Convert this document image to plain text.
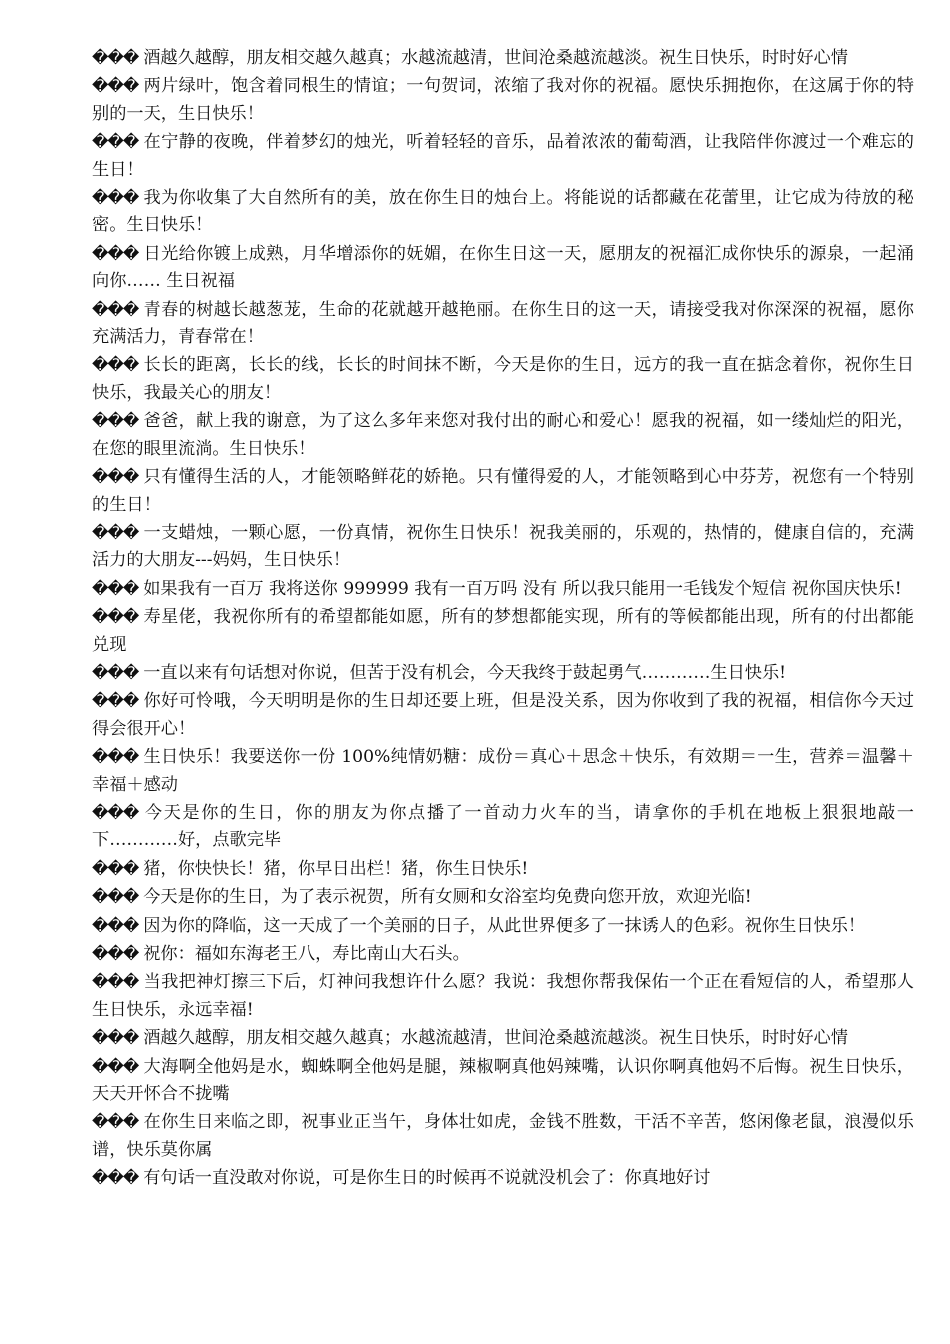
��� 酒越久越醇，朋友相交越久越真；水越流越清，世间沧桑越流越淡。祝生日快乐，时时好心情

��� 两片绿叶，饱含着同根生的情谊；一句贺词，浓缩了我对你的祝福。愿快乐拥抱你，在这属于你的特别的一天，生日快乐！

��� 在宁静的夜晚，伴着梦幻的烛光，听着轻轻的音乐，品着浓浓的葡萄酒，让我陪伴你渡过一个难忘的生日！

��� 我为你收集了大自然所有的美，放在你生日的烛台上。将能说的话都藏在花蕾里，让它成为待放的秘密。生日快乐！

��� 日光给你镀上成熟，月华增添你的妩媚，在你生日这一天，愿朋友的祝福汇成你快乐的源泉，一起涌向你…… 生日祝福

��� 青春的树越长越葱茏，生命的花就越开越艳丽。在你生日的这一天，请接受我对你深深的祝福，愿你充满活力，青春常在！

��� 长长的距离，长长的线，长长的时间抹不断，今天是你的生日，远方的我一直在掂念着你，祝你生日快乐，我最关心的朋友！

��� 爸爸，献上我的谢意，为了这么多年来您对我付出的耐心和爱心！愿我的祝福，如一缕灿烂的阳光，在您的眼里流淌。生日快乐！

��� 只有懂得生活的人，才能领略鲜花的娇艳。只有懂得爱的人，才能领略到心中芬芳，祝您有一个特别的生日！

��� 一支蜡烛，一颗心愿，一份真情，祝你生日快乐！祝我美丽的，乐观的，热情的，健康自信的，充满活力的大朋友---妈妈，生日快乐！

��� 如果我有一百万 我将送你 999999 我有一百万吗 没有 所以我只能用一毛钱发个短信 祝你国庆快乐!

��� 寿星佬，我祝你所有的希望都能如愿，所有的梦想都能实现，所有的等候都能出现，所有的付出都能兑现

��� 一直以来有句话想对你说，但苦于没有机会，今天我终于鼓起勇气…………生日快乐!

��� 你好可怜哦，今天明明是你的生日却还要上班，但是没关系，因为你收到了我的祝福，相信你今天过得会很开心！

��� 生日快乐！我要送你一份 100%纯情奶糖：成份＝真心＋思念＋快乐，有效期＝一生，营养＝温馨＋幸福＋感动

��� 今天是你的生日，你的朋友为你点播了一首动力火车的当，请拿你的手机在地板上狠狠地敲一下…………好，点歌完毕

��� 猪，你快快长！猪，你早日出栏！猪，你生日快乐!

��� 今天是你的生日，为了表示祝贺，所有女厕和女浴室均免费向您开放，欢迎光临!

��� 因为你的降临，这一天成了一个美丽的日子，从此世界便多了一抹诱人的色彩。祝你生日快乐！

��� 祝你：福如东海老王八，寿比南山大石头。

��� 当我把神灯擦三下后，灯神问我想许什么愿？我说：我想你帮我保佑一个正在看短信的人，希望那人生日快乐，永远幸福!

��� 酒越久越醇，朋友相交越久越真；水越流越清，世间沧桑越流越淡。祝生日快乐，时时好心情

��� 大海啊全他妈是水，蜘蛛啊全他妈是腿，辣椒啊真他妈辣嘴，认识你啊真他妈不后悔。祝生日快乐，天天开怀合不拢嘴

��� 在你生日来临之即，祝事业正当午，身体壮如虎，金钱不胜数，干活不辛苦，悠闲像老鼠，浪漫似乐谱，快乐莫你属

��� 有句话一直没敢对你说，可是你生日的时候再不说就没机会了：你真地好讨
